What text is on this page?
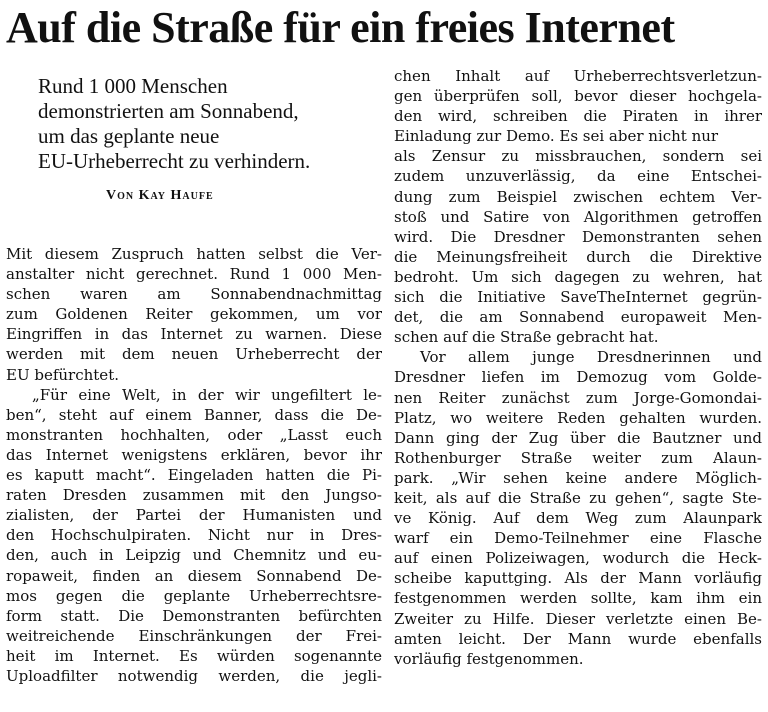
Auf die Straße für ein freies Internet
Rund 1 000 Menschen
demonstrierten am Sonnabend,
um das geplante neue
EU-Urheberrecht zu verhindern.
Von Kay Haufe
Mit diesem Zuspruch hatten selbst die Ver-
anstalter nicht gerechnet. Rund 1 000 Men-
schen waren am Sonnabendnachmittag
zum Goldenen Reiter gekommen, um vor
Eingriffen in das Internet zu warnen. Diese
werden mit dem neuen Urheberrecht der
EU befürchtet.
„Für eine Welt, in der wir ungefiltert le-
ben“, steht auf einem Banner, dass die De-
monstranten hochhalten, oder „Lasst euch
das Internet wenigstens erklären, bevor ihr
es kaputt macht“. Eingeladen hatten die Pi-
raten Dresden zusammen mit den Jungso-
zialisten, der Partei der Humanisten und
den Hochschulpiraten. Nicht nur in Dres-
den, auch in Leipzig und Chemnitz und eu-
ropaweit, finden an diesem Sonnabend De-
mos gegen die geplante Urheberrechtsre-
form statt. Die Demonstranten befürchten
weitreichende Einschränkungen der Frei-
heit im Internet. Es würden sogenannte
Uploadfilter notwendig werden, die jegli-
chen Inhalt auf Urheberrechtsverletzun-
gen überprüfen soll, bevor dieser hochgela-
den wird, schreiben die Piraten in ihrer
Einladung zur Demo. Es sei aber nicht nur
als Zensur zu missbrauchen, sondern sei
zudem unzuverlässig, da eine Entschei-
dung zum Beispiel zwischen echtem Ver-
stoß und Satire von Algorithmen getroffen
wird. Die Dresdner Demonstranten sehen
die Meinungsfreiheit durch die Direktive
bedroht. Um sich dagegen zu wehren, hat
sich die Initiative SaveTheInternet gegrün-
det, die am Sonnabend europaweit Men-
schen auf die Straße gebracht hat.
Vor allem junge Dresdnerinnen und
Dresdner liefen im Demozug vom Golde-
nen Reiter zunächst zum Jorge-Gomondai-
Platz, wo weitere Reden gehalten wurden.
Dann ging der Zug über die Bautzner und
Rothenburger Straße weiter zum Alaun-
park. „Wir sehen keine andere Möglich-
keit, als auf die Straße zu gehen“, sagte Ste-
ve König. Auf dem Weg zum Alaunpark
warf ein Demo-Teilnehmer eine Flasche
auf einen Polizeiwagen, wodurch die Heck-
scheibe kaputtging. Als der Mann vorläufig
festgenommen werden sollte, kam ihm ein
Zweiter zu Hilfe. Dieser verletzte einen Be-
amten leicht. Der Mann wurde ebenfalls
vorläufig festgenommen.
